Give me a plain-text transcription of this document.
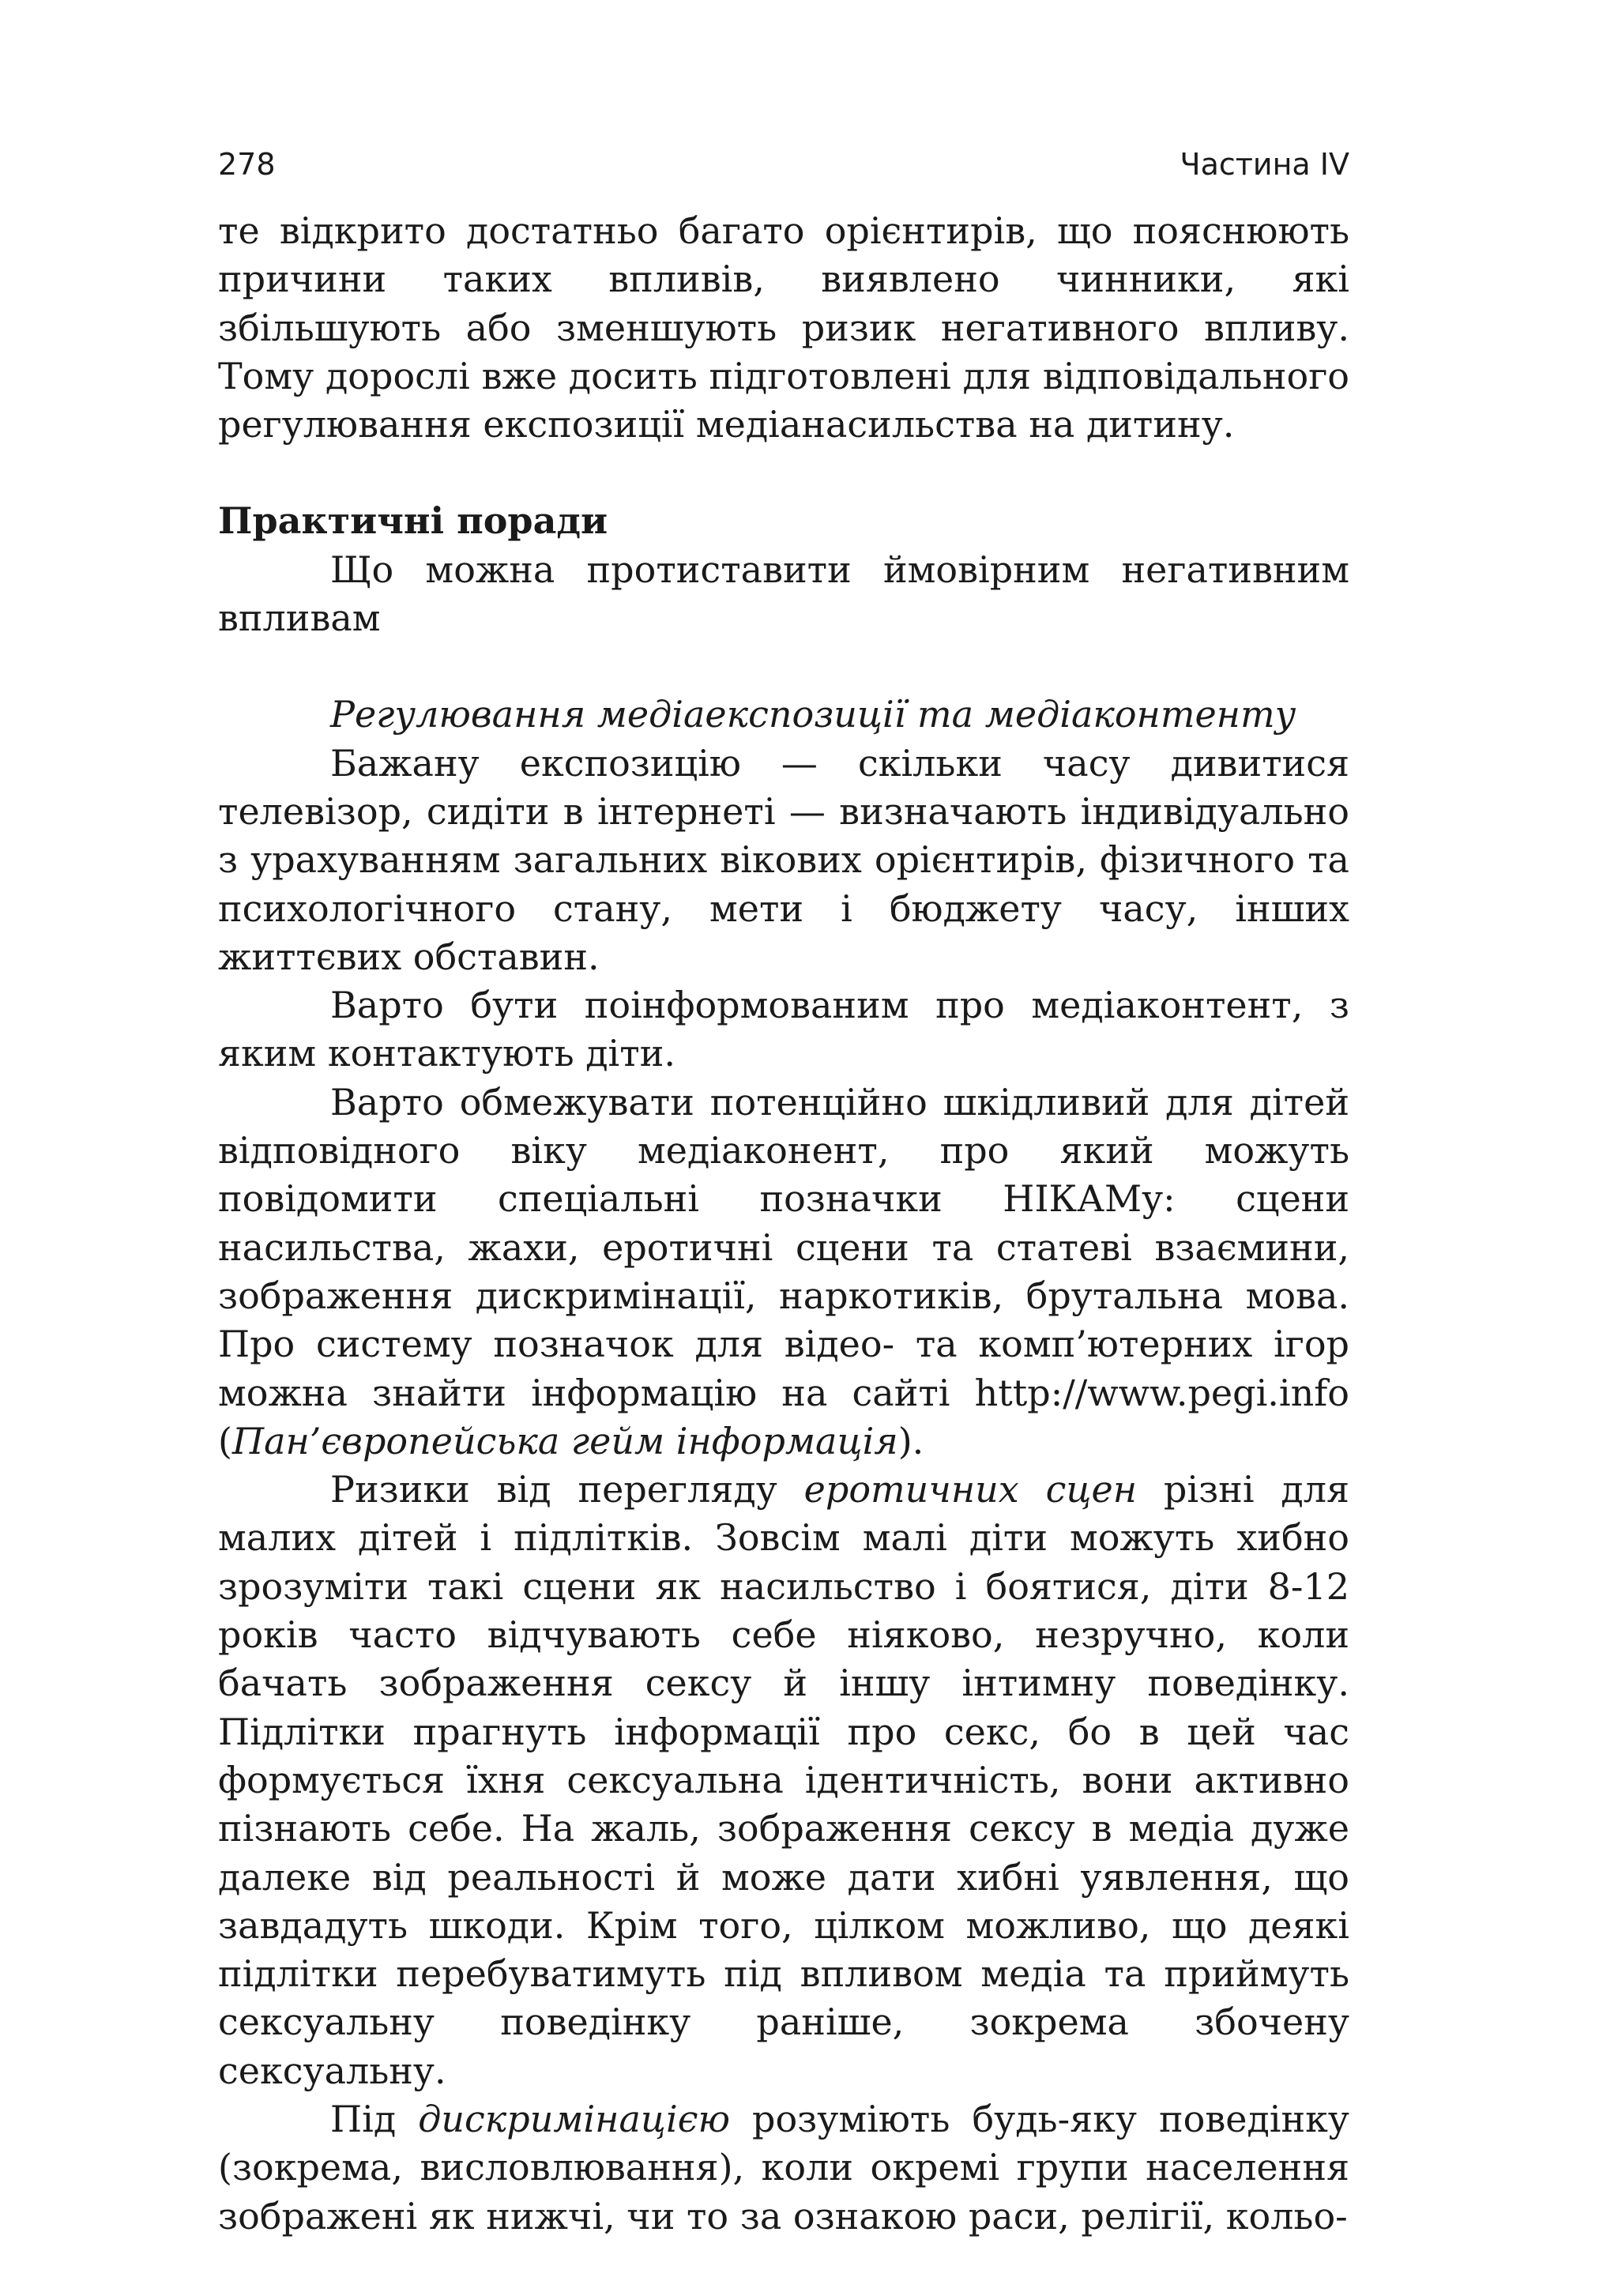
278	Частина IV

те відкрито достатньо багато орієнтирів, що пояснюють причини таких впливів, виявлено чинники, які збільшують або зменшують ризик негативного впливу. Тому дорослі вже досить підготовлені для відповідального регулювання експозиції медіанасильства на дитину.

Практичні поради

Що можна протиставити ймовірним негативним впливам

Регулювання медіаекспозиції та медіаконтенту

Бажану експозицію — скільки часу дивитися телевізор, сидіти в інтернеті — визначають індивідуально з урахуванням загальних вікових орієнтирів, фізичного та психологічного стану, мети і бюджету часу, інших життєвих обставин.

Варто бути поінформованим про медіаконтент, з яким контактують діти.

Варто обмежувати потенційно шкідливий для дітей відповідного віку медіаконент, про який можуть повідомити спеціальні позначки НІКАМу: сцени насильства, жахи, еротичні сцени та статеві взаємини, зображення дискримінації, наркотиків, брутальна мова. Про систему позначок для відео- та комп’ютерних ігор можна знайти інформацію на сайті http://www.pegi.info (Пан’європейська гейм інформація).

Ризики від перегляду еротичних сцен різні для малих дітей і підлітків. Зовсім малі діти можуть хибно зрозуміти такі сцени як насильство і боятися, діти 8-12 років часто відчувають себе ніяково, незручно, коли бачать зображення сексу й іншу інтимну поведінку. Підлітки прагнуть інформації про секс, бо в цей час формується їхня сексуальна ідентичність, вони активно пізнають себе. На жаль, зображення сексу в медіа дуже далеке від реальності й може дати хибні уявлення, що завдадуть шкоди. Крім того, цілком можливо, що деякі підлітки перебуватимуть під впливом медіа та приймуть сексуальну поведінку раніше, зокрема збочену сексуальну.

Під дискримінацією розуміють будь-яку поведінку (зокрема, висловлювання), коли окремі групи населення зображені як нижчі, чи то за ознакою раси, релігії, кольо-
